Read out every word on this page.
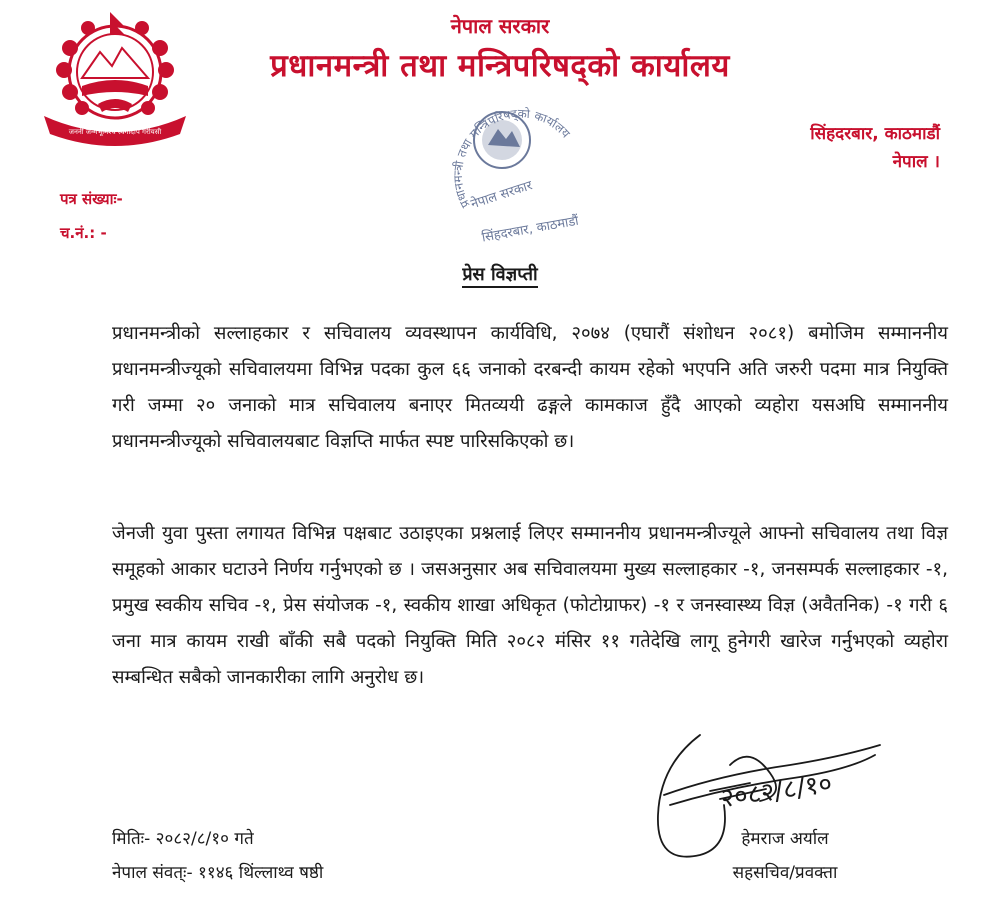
जननी जन्मभूमिश्च स्वर्गादपि गरीयसी
नेपाल सरकार
प्रधानमन्त्री तथा मन्त्रिपरिषद्को कार्यालय
प्रधानमन्त्री तथा मन्त्रिपरिषद्को कार्यालय
नेपाल सरकार
सिंहदरबार, काठमाडौं
सिंहदरबार, काठमाडौं
नेपाल ।
पत्र संख्याः-
च.नं.: -
प्रेस विज्ञप्ती

प्रधानमन्त्रीको सल्लाहकार र सचिवालय व्यवस्थापन कार्यविधि, २०७४ (एघारौं संशोधन २०८१) बमोजिम सम्माननीय प्रधानमन्त्रीज्यूको सचिवालयमा विभिन्न पदका कुल ६६ जनाको दरबन्दी कायम रहेको भएपनि अति जरुरी पदमा मात्र नियुक्ति गरी जम्मा २० जनाको मात्र सचिवालय बनाएर मितव्ययी ढङ्गले कामकाज हुँदै आएको व्यहोरा यसअघि सम्माननीय प्रधानमन्त्रीज्यूको सचिवालयबाट विज्ञप्ति मार्फत स्पष्ट पारिसकिएको छ।

जेनजी युवा पुस्ता लगायत विभिन्न पक्षबाट उठाइएका प्रश्नलाई लिएर सम्माननीय प्रधानमन्त्रीज्यूले आफ्नो सचिवालय तथा विज्ञ समूहको आकार घटाउने निर्णय गर्नुभएको छ । जसअनुसार अब सचिवालयमा मुख्य सल्लाहकार -१, जनसम्पर्क सल्लाहकार -१, प्रमुख स्वकीय सचिव -१, प्रेस संयोजक -१, स्वकीय शाखा अधिकृत (फोटोग्राफर) -१ र जनस्वास्थ्य विज्ञ (अवैतनिक) -१ गरी ६ जना मात्र कायम राखी बाँकी सबै पदको नियुक्ति मिति २०८२ मंसिर ११ गतेदेखि लागू हुनेगरी खारेज गर्नुभएको व्यहोरा सम्बन्धित सबैको जानकारीका लागि अनुरोध छ।

२०८२/८/१०
मितिः- २०८२/८/१० गते
नेपाल संवत्ः- ११४६ थिंल्लाथ्व षष्ठी
हेमराज अर्याल
सहसचिव/प्रवक्ता
